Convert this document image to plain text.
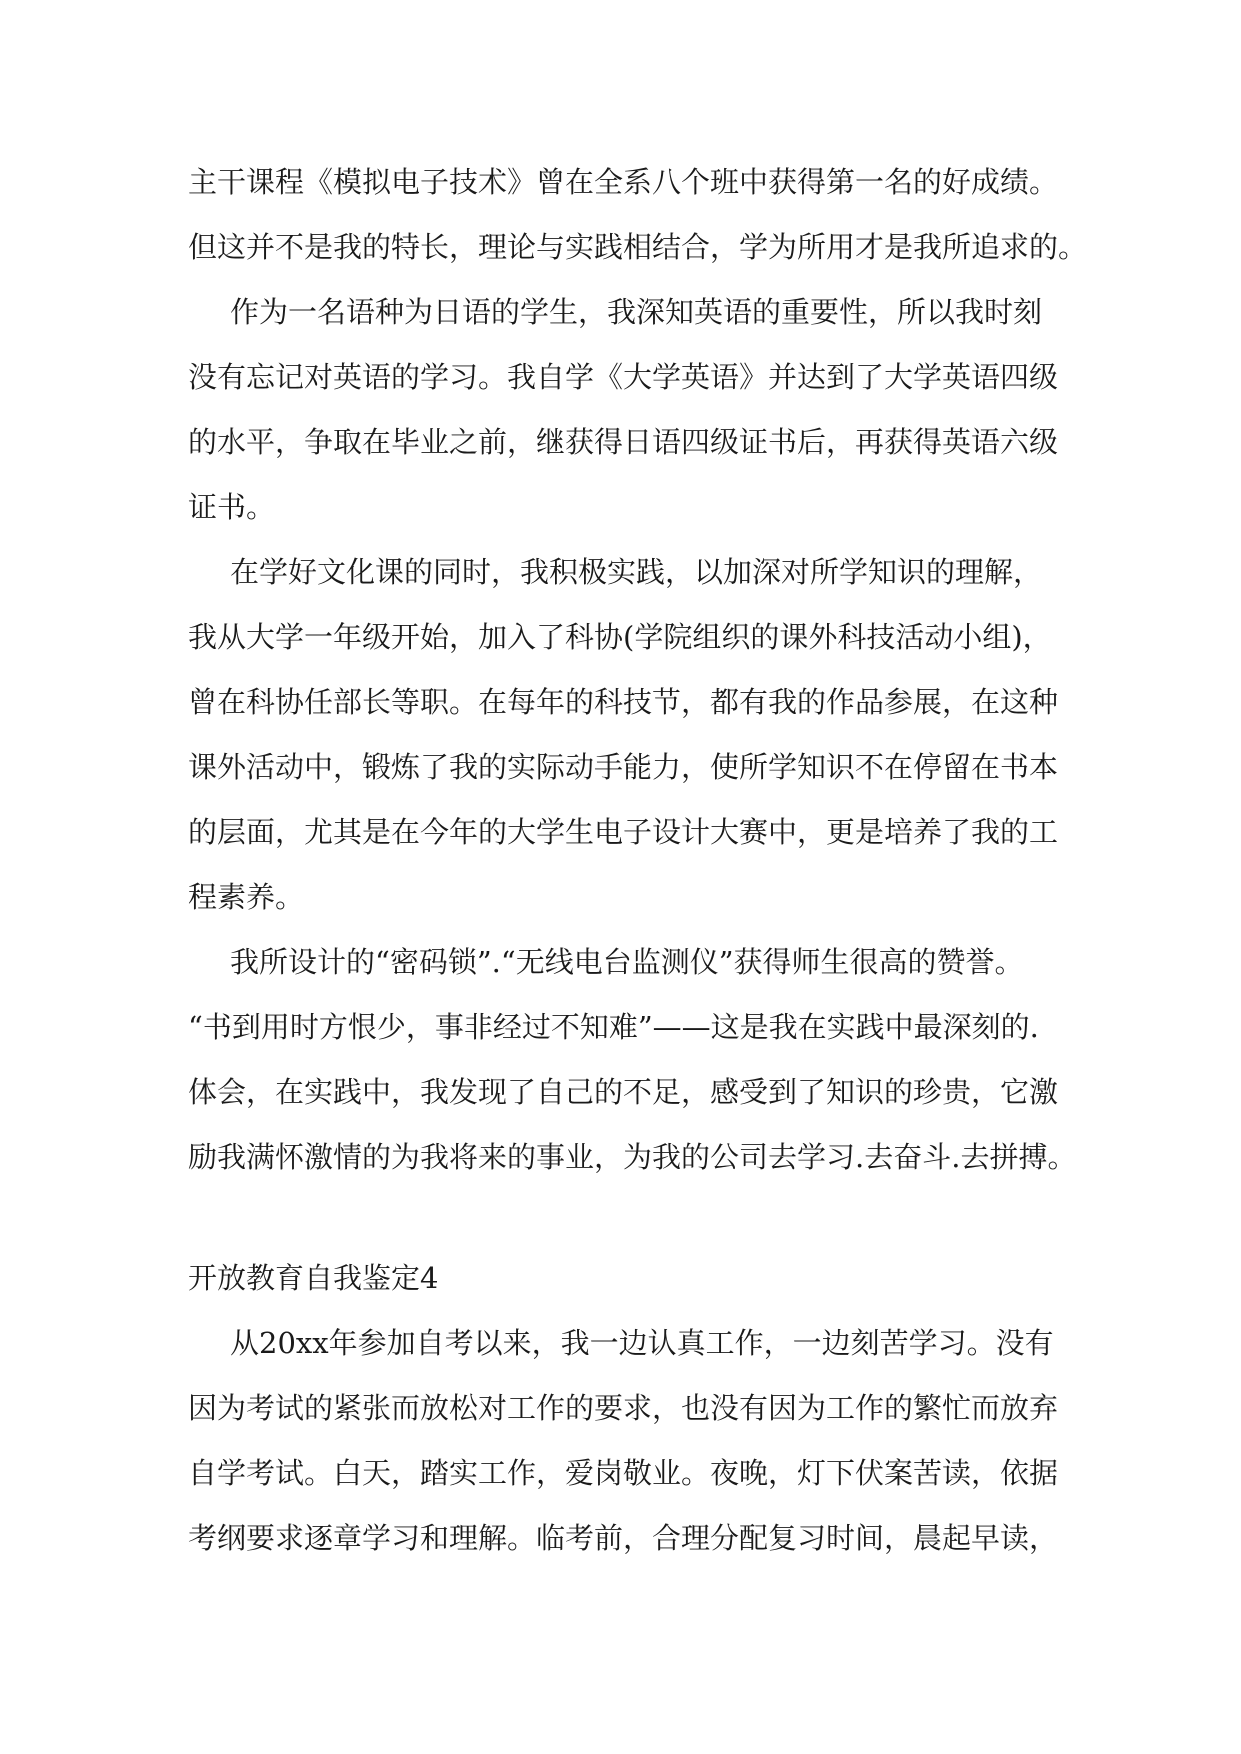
主干课程《模拟电子技术》曾在全系八个班中获得第一名的好成绩。
但这并不是我的特长，理论与实践相结合，学为所用才是我所追求的。
作为一名语种为日语的学生，我深知英语的重要性，所以我时刻
没有忘记对英语的学习。我自学《大学英语》并达到了大学英语四级
的水平，争取在毕业之前，继获得日语四级证书后，再获得英语六级
证书。
在学好文化课的同时，我积极实践，以加深对所学知识的理解，
我从大学一年级开始，加入了科协(学院组织的课外科技活动小组)，
曾在科协任部长等职。在每年的科技节，都有我的作品参展，在这种
课外活动中，锻炼了我的实际动手能力，使所学知识不在停留在书本
的层面，尤其是在今年的大学生电子设计大赛中，更是培养了我的工
程素养。
我所设计的“密码锁”.“无线电台监测仪”获得师生很高的赞誉。
“书到用时方恨少，事非经过不知难”——这是我在实践中最深刻的.
体会，在实践中，我发现了自己的不足，感受到了知识的珍贵，它激
励我满怀激情的为我将来的事业，为我的公司去学习.去奋斗.去拼搏。
开放教育自我鉴定4
从20xx年参加自考以来，我一边认真工作，一边刻苦学习。没有
因为考试的紧张而放松对工作的要求，也没有因为工作的繁忙而放弃
自学考试。白天，踏实工作，爱岗敬业。夜晚，灯下伏案苦读，依据
考纲要求逐章学习和理解。临考前，合理分配复习时间，晨起早读，
